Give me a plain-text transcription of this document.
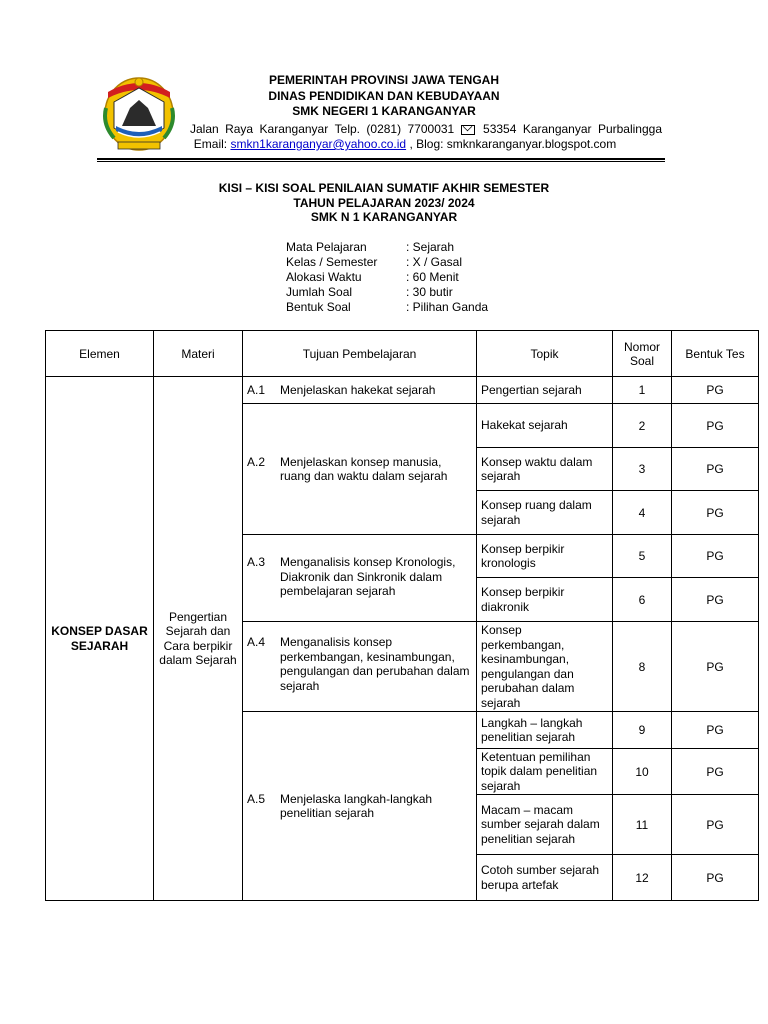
PEMERINTAH PROVINSI JAWA TENGAH
DINAS PENDIDIKAN DAN KEBUDAYAAN
SMK NEGERI 1 KARANGANYAR
Jalan Raya Karanganyar Telp. (0281) 7700031 53354 Karanganyar Purbalingga
Email: smkn1karanganyar@yahoo.co.id , Blog: smknkaranganyar.blogspot.com
KISI – KISI SOAL PENILAIAN SUMATIF AKHIR SEMESTER
TAHUN PELAJARAN 2023/ 2024
SMK N 1 KARANGANYAR
Mata Pelajaran	: Sejarah
Kelas / Semester	: X / Gasal
Alokasi Waktu	: 60 Menit
Jumlah Soal	: 30 butir
Bentuk Soal	: Pilihan Ganda
Elemen	Materi	Tujuan Pembelajaran	Topik	Nomor Soal	Bentuk Tes
KONSEP DASAR SEJARAH	Pengertian Sejarah dan Cara berpikir dalam Sejarah	A.1 Menjelaskan hakekat sejarah	Pengertian sejarah	1	PG

		A.2 Menjelaskan konsep manusia, ruang dan waktu dalam sejarah	Hakekat sejarah	2	PG
			Konsep waktu dalam sejarah	3	PG
			Konsep ruang dalam sejarah	4	PG

		A.3 Menganalisis konsep Kronologis, Diakronik dan Sinkronik dalam pembelajaran sejarah	Konsep berpikir kronologis	5	PG
			Konsep berpikir diakronik	6	PG

		A.4 Menganalisis konsep perkembangan, kesinambungan, pengulangan dan perubahan dalam sejarah	Konsep perkembangan, kesinambungan, pengulangan dan perubahan dalam sejarah	8	PG

		A.5 Menjelaska langkah-langkah penelitian sejarah	Langkah – langkah penelitian sejarah	9	PG
			Ketentuan pemilihan topik dalam penelitian sejarah	10	PG
			Macam – macam sumber sejarah dalam penelitian sejarah	11	PG
			Cotoh sumber sejarah berupa artefak	12	PG
